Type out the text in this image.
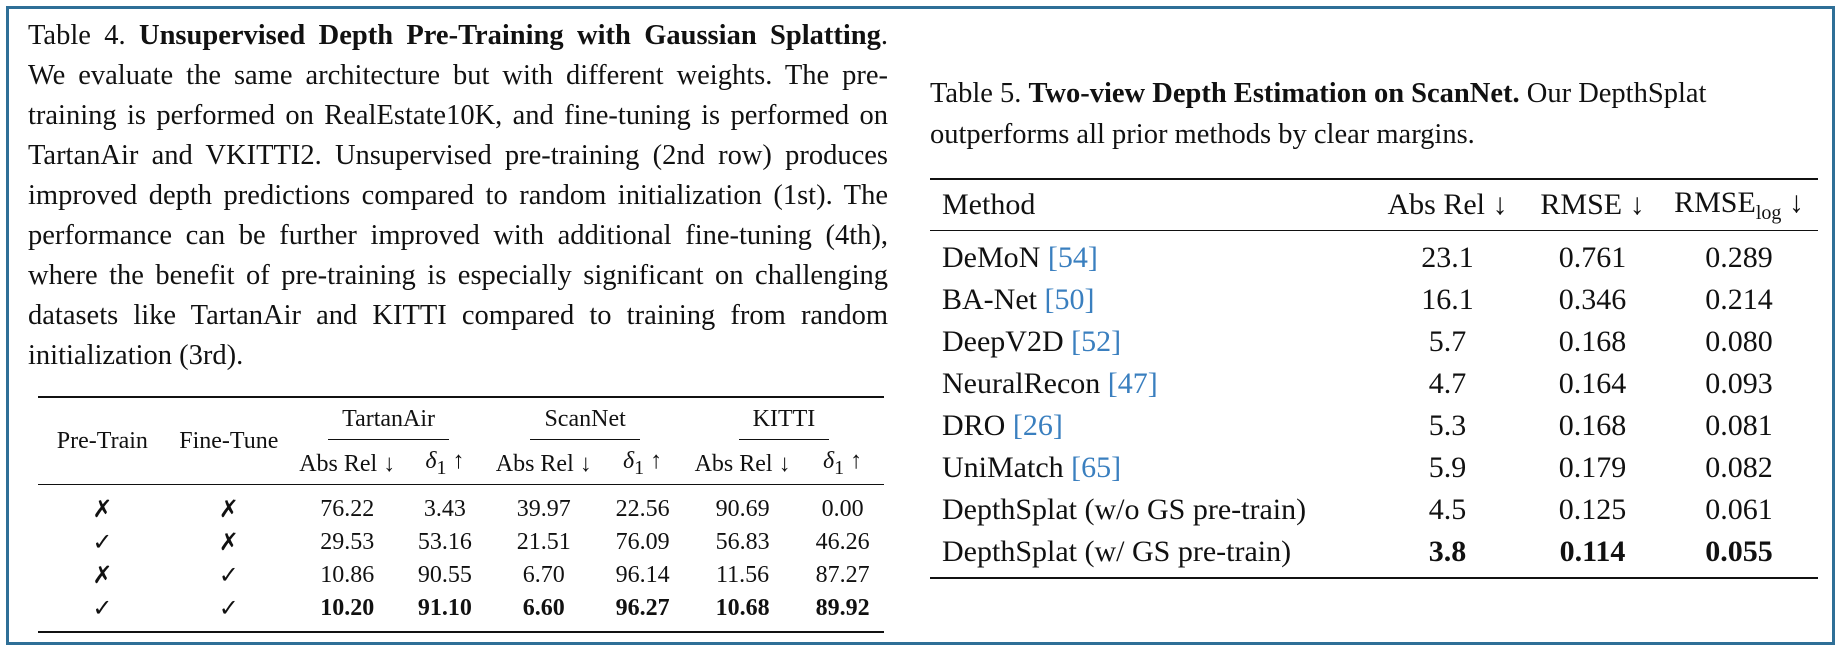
Table 4. Unsupervised Depth Pre-Training with Gaussian Splatting. We evaluate the same architecture but with different weights. The pre-training is performed on RealEstate10K, and fine-tuning is performed on TartanAir and VKITTI2. Unsupervised pre-training (2nd row) produces improved depth predictions compared to random initialization (1st). The performance can be further improved with additional fine-tuning (4th), where the benefit of pre-training is especially significant on challenging datasets like TartanAir and KITTI compared to training from random initialization (3rd).

Pre-Train	Fine-Tune	TartanAir		ScanNet		KITTI	
		Abs Rel ↓	$\delta_1$ ↑	Abs Rel ↓	$\delta_1$ ↑	Abs Rel ↓	$\delta_1$ ↑
✗	✗	76.22	3.43	39.97	22.56	90.69	0.00
✓	✗	29.53	53.16	21.51	76.09	56.83	46.26
✗	✓	10.86	90.55	6.70	96.14	11.56	87.27
✓	✓	10.20	91.10	6.60	96.27	10.68	89.92

Table 5. Two-view Depth Estimation on ScanNet. Our DepthSplat outperforms all prior methods by clear margins.

Method	Abs Rel ↓	RMSE ↓	$RMSE_{log}$ ↓
DeMoN [54]	23.1	0.761	0.289
BA-Net [50]	16.1	0.346	0.214
DeepV2D [52]	5.7	0.168	0.080
NeuralRecon [47]	4.7	0.164	0.093
DRO [26]	5.3	0.168	0.081
UniMatch [65]	5.9	0.179	0.082
DepthSplat (w/o GS pre-train)	4.5	0.125	0.061
DepthSplat (w/ GS pre-train)	3.8	0.114	0.055
